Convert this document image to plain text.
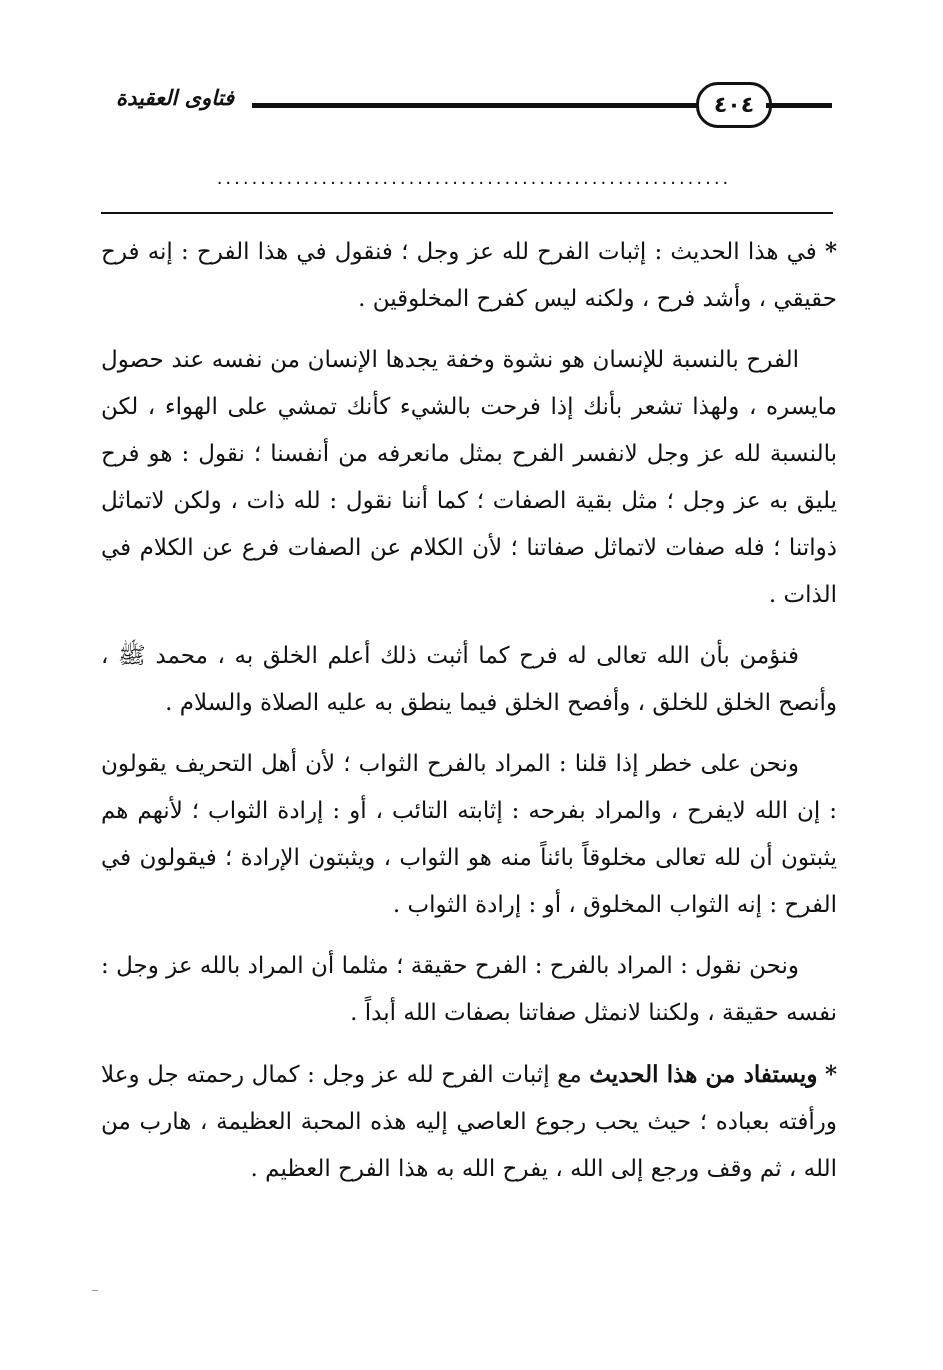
فتاوى العقيدة	٤٠٤
...........................................................

* في هذا الحديث : إثبات الفرح لله عز وجل ؛ فنقول في هذا الفرح : إنه فرح حقيقي ، وأشد فرح ، ولكنه ليس كفرح المخلوقين .

الفرح بالنسبة للإنسان هو نشوة وخفة يجدها الإنسان من نفسه عند حصول مايسره ، ولهذا تشعر بأنك إذا فرحت بالشيء كأنك تمشي على الهواء ، لكن بالنسبة لله عز وجل لانفسر الفرح بمثل مانعرفه من أنفسنا ؛ نقول : هو فرح يليق به عز وجل ؛ مثل بقية الصفات ؛ كما أننا نقول : لله ذات ، ولكن لاتماثل ذواتنا ؛ فله صفات لاتماثل صفاتنا ؛ لأن الكلام عن الصفات فرع عن الكلام في الذات .

فنؤمن بأن الله تعالى له فرح كما أثبت ذلك أعلم الخلق به ، محمد ﷺ ، وأنصح الخلق للخلق ، وأفصح الخلق فيما ينطق به عليه الصلاة والسلام .

ونحن على خطر إذا قلنا : المراد بالفرح الثواب ؛ لأن أهل التحريف يقولون : إن الله لايفرح ، والمراد بفرحه : إثابته التائب ، أو : إرادة الثواب ؛ لأنهم هم يثبتون أن لله تعالى مخلوقاً بائناً منه هو الثواب ، ويثبتون الإرادة ؛ فيقولون في الفرح : إنه الثواب المخلوق ، أو : إرادة الثواب .

ونحن نقول : المراد بالفرح : الفرح حقيقة ؛ مثلما أن المراد بالله عز وجل : نفسه حقيقة ، ولكننا لانمثل صفاتنا بصفات الله أبداً .

* ويستفاد من هذا الحديث مع إثبات الفرح لله عز وجل : كمال رحمته جل وعلا ورأفته بعباده ؛ حيث يحب رجوع العاصي إليه هذه المحبة العظيمة ، هارب من الله ، ثم وقف ورجع إلى الله ، يفرح الله به هذا الفرح العظيم .
